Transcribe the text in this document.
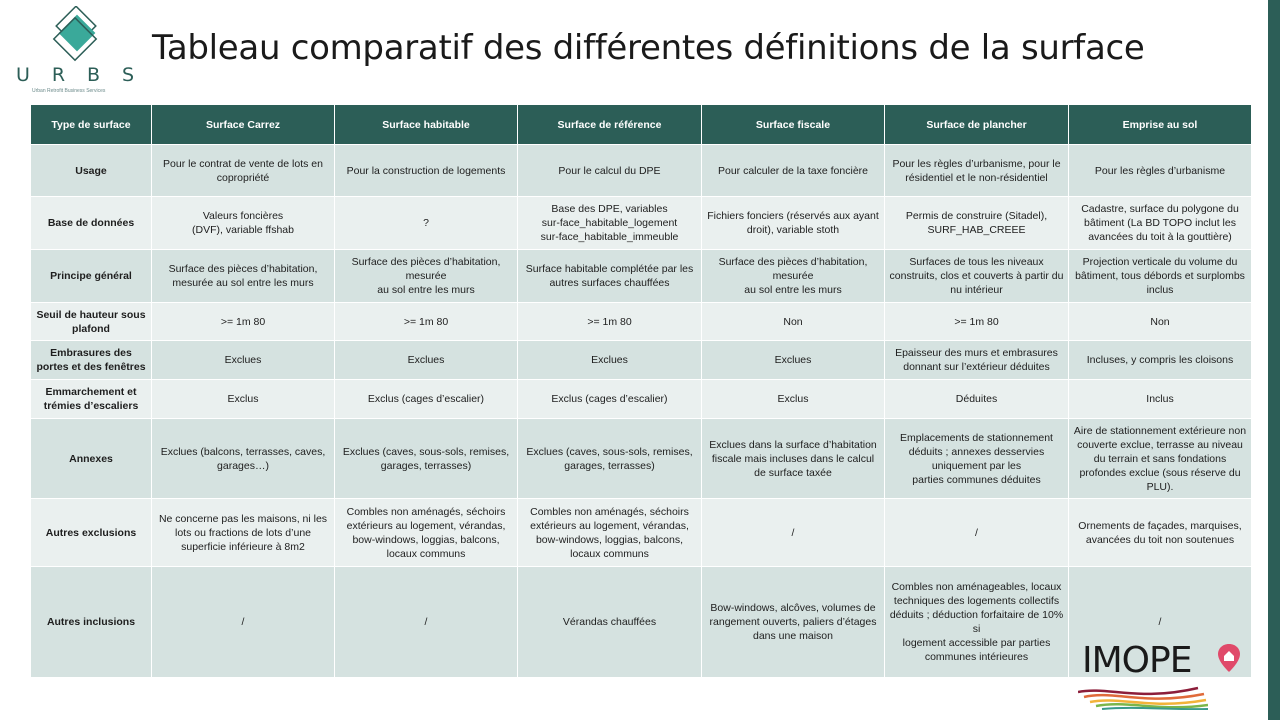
U R B S
Urban Retrofit Business Services
Tableau comparatif des différentes définitions de la surface
Type de surface	Surface Carrez	Surface habitable	Surface de référence	Surface fiscale	Surface de plancher	Emprise au sol
Usage	Pour le contrat de vente de lots en copropriété	Pour la construction de logements	Pour le calcul du DPE	Pour calculer de la taxe foncière	Pour les règles d’urbanisme, pour le
résidentiel et le non-résidentiel	Pour les règles d’urbanisme
Base de données	Valeurs foncières
(DVF), variable ffshab	?	Base des DPE, variables
sur-face_habitable_logement
sur-face_habitable_immeuble	Fichiers fonciers (réservés aux ayant droit), variable stoth	Permis de construire (Sitadel), SURF_HAB_CREEE	Cadastre, surface du polygone du bâtiment (La BD TOPO inclut les avancées du toit à la gouttière)
Principe général	Surface des pièces d’habitation, mesurée au sol entre les murs	Surface des pièces d’habitation, mesurée
au sol entre les murs	Surface habitable complétée par les autres surfaces chauffées	Surface des pièces d’habitation, mesurée
au sol entre les murs	Surfaces de tous les niveaux construits, clos et couverts à partir du nu intérieur	Projection verticale du volume du bâtiment, tous débords et surplombs inclus
Seuil de hauteur sous plafond	>= 1m 80	>= 1m 80	>= 1m 80	Non	>= 1m 80	Non
Embrasures des portes et des fenêtres	Exclues	Exclues	Exclues	Exclues	Epaisseur des murs et embrasures donnant sur l’extérieur déduites	Incluses, y compris les cloisons
Emmarchement et trémies d’escaliers	Exclus	Exclus (cages d’escalier)	Exclus (cages d’escalier)	Exclus	Déduites	Inclus
Annexes	Exclues (balcons, terrasses, caves, garages…)	Exclues (caves, sous-sols, remises, garages, terrasses)	Exclues (caves, sous-sols, remises, garages, terrasses)	Exclues dans la surface d’habitation fiscale mais incluses dans le calcul de surface taxée	Emplacements de stationnement déduits ; annexes desservies uniquement par les
parties communes déduites	Aire de stationnement extérieure non couverte exclue, terrasse au niveau du terrain et sans fondations profondes exclue (sous réserve du PLU).
Autres exclusions	Ne concerne pas les maisons, ni les lots ou fractions de lots d’une superficie inférieure à 8m2	Combles non aménagés, séchoirs extérieurs au logement, vérandas, bow-windows, loggias, balcons, locaux communs	Combles non aménagés, séchoirs extérieurs au logement, vérandas, bow-windows, loggias, balcons, locaux communs	/	/	Ornements de façades, marquises, avancées du toit non soutenues
Autres inclusions	/	/	Vérandas chauffées	Bow-windows, alcôves, volumes de rangement ouverts, paliers d’étages dans une maison	Combles non aménageables, locaux
techniques des logements collectifs déduits ; déduction forfaitaire de 10% si
logement accessible par parties communes intérieures	/
IMOPE
